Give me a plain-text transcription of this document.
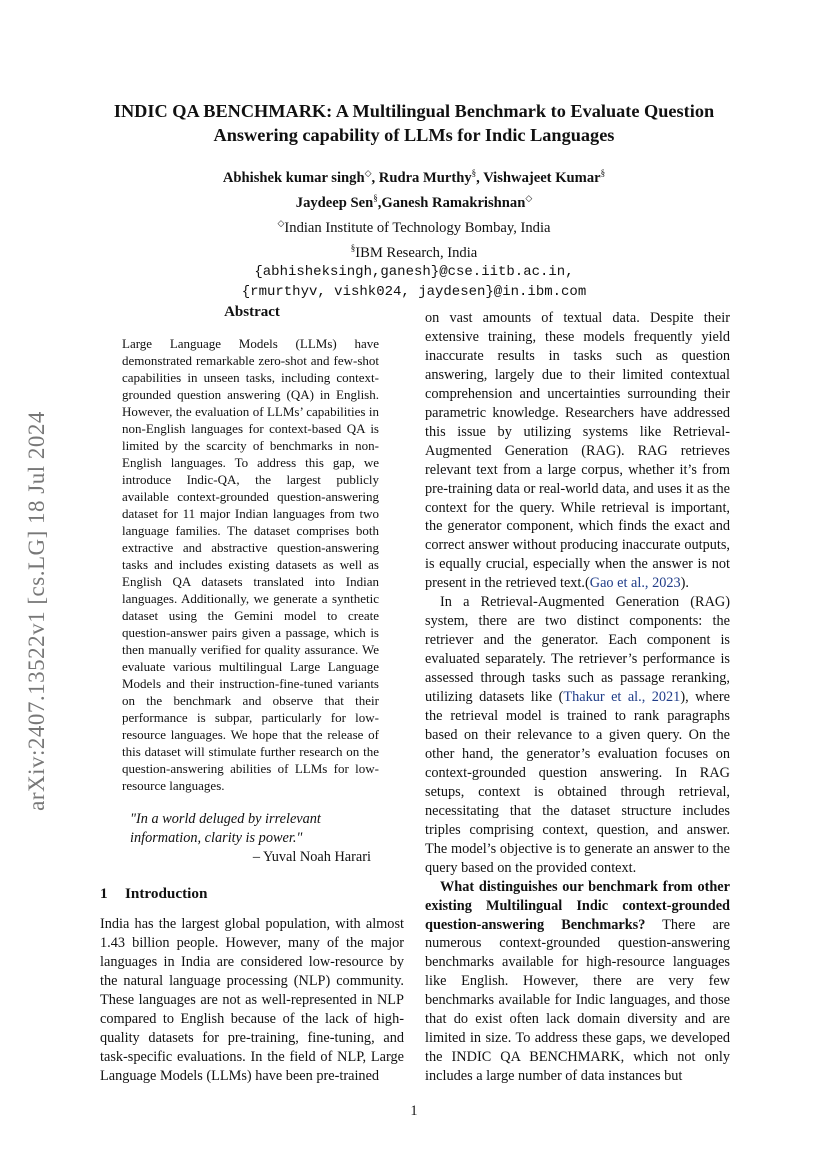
arXiv:2407.13522v1 [cs.LG] 18 Jul 2024
INDIC QA BENCHMARK: A Multilingual Benchmark to Evaluate Question Answering capability of LLMs for Indic Languages
Abhishek kumar singh◇, Rudra Murthy§, Vishwajeet Kumar§
Jaydeep Sen§,Ganesh Ramakrishnan◇
◇Indian Institute of Technology Bombay, India
§IBM Research, India
{abhisheksingh,ganesh}@cse.iitb.ac.in,
{rmurthyv, vishk024, jaydesen}@in.ibm.com
Abstract

Large Language Models (LLMs) have demonstrated remarkable zero-shot and few-shot capabilities in unseen tasks, including context-grounded question answering (QA) in English. However, the evaluation of LLMs’ capabilities in non-English languages for context-based QA is limited by the scarcity of benchmarks in non-English languages. To address this gap, we introduce Indic-QA, the largest publicly available context-grounded question-answering dataset for 11 major Indian languages from two language families. The dataset comprises both extractive and abstractive question-answering tasks and includes existing datasets as well as English QA datasets translated into Indian languages. Additionally, we generate a synthetic dataset using the Gemini model to create question-answer pairs given a passage, which is then manually verified for quality assurance. We evaluate various multilingual Large Language Models and their instruction-fine-tuned variants on the benchmark and observe that their performance is subpar, particularly for low-resource languages. We hope that the release of this dataset will stimulate further research on the question-answering abilities of LLMs for low-resource languages.

"In a world deluged by irrelevant information, clarity is power."
– Yuval Noah Harari
1 Introduction

India has the largest global population, with almost 1.43 billion people. However, many of the major languages in India are considered low-resource by the natural language processing (NLP) community. These languages are not as well-represented in NLP compared to English because of the lack of high-quality datasets for pre-training, fine-tuning, and task-specific evaluations. In the field of NLP, Large Language Models (LLMs) have been pre-trained

on vast amounts of textual data. Despite their extensive training, these models frequently yield inaccurate results in tasks such as question answering, largely due to their limited contextual comprehension and uncertainties surrounding their parametric knowledge. Researchers have addressed this issue by utilizing systems like Retrieval-Augmented Generation (RAG). RAG retrieves relevant text from a large corpus, whether it’s from pre-training data or real-world data, and uses it as the context for the query. While retrieval is important, the generator component, which finds the exact and correct answer without producing inaccurate outputs, is equally crucial, especially when the answer is not present in the retrieved text.(Gao et al., 2023).

In a Retrieval-Augmented Generation (RAG) system, there are two distinct components: the retriever and the generator. Each component is evaluated separately. The retriever’s performance is assessed through tasks such as passage reranking, utilizing datasets like (Thakur et al., 2021), where the retrieval model is trained to rank paragraphs based on their relevance to a given query. On the other hand, the generator’s evaluation focuses on context-grounded question answering. In RAG setups, context is obtained through retrieval, necessitating that the dataset structure includes triples comprising context, question, and answer. The model’s objective is to generate an answer to the query based on the provided context.

What distinguishes our benchmark from other existing Multilingual Indic context-grounded question-answering Benchmarks? There are numerous context-grounded question-answering benchmarks available for high-resource languages like English. However, there are very few benchmarks available for Indic languages, and those that do exist often lack domain diversity and are limited in size. To address these gaps, we developed the INDIC QA BENCHMARK, which not only includes a large number of data instances but

1
